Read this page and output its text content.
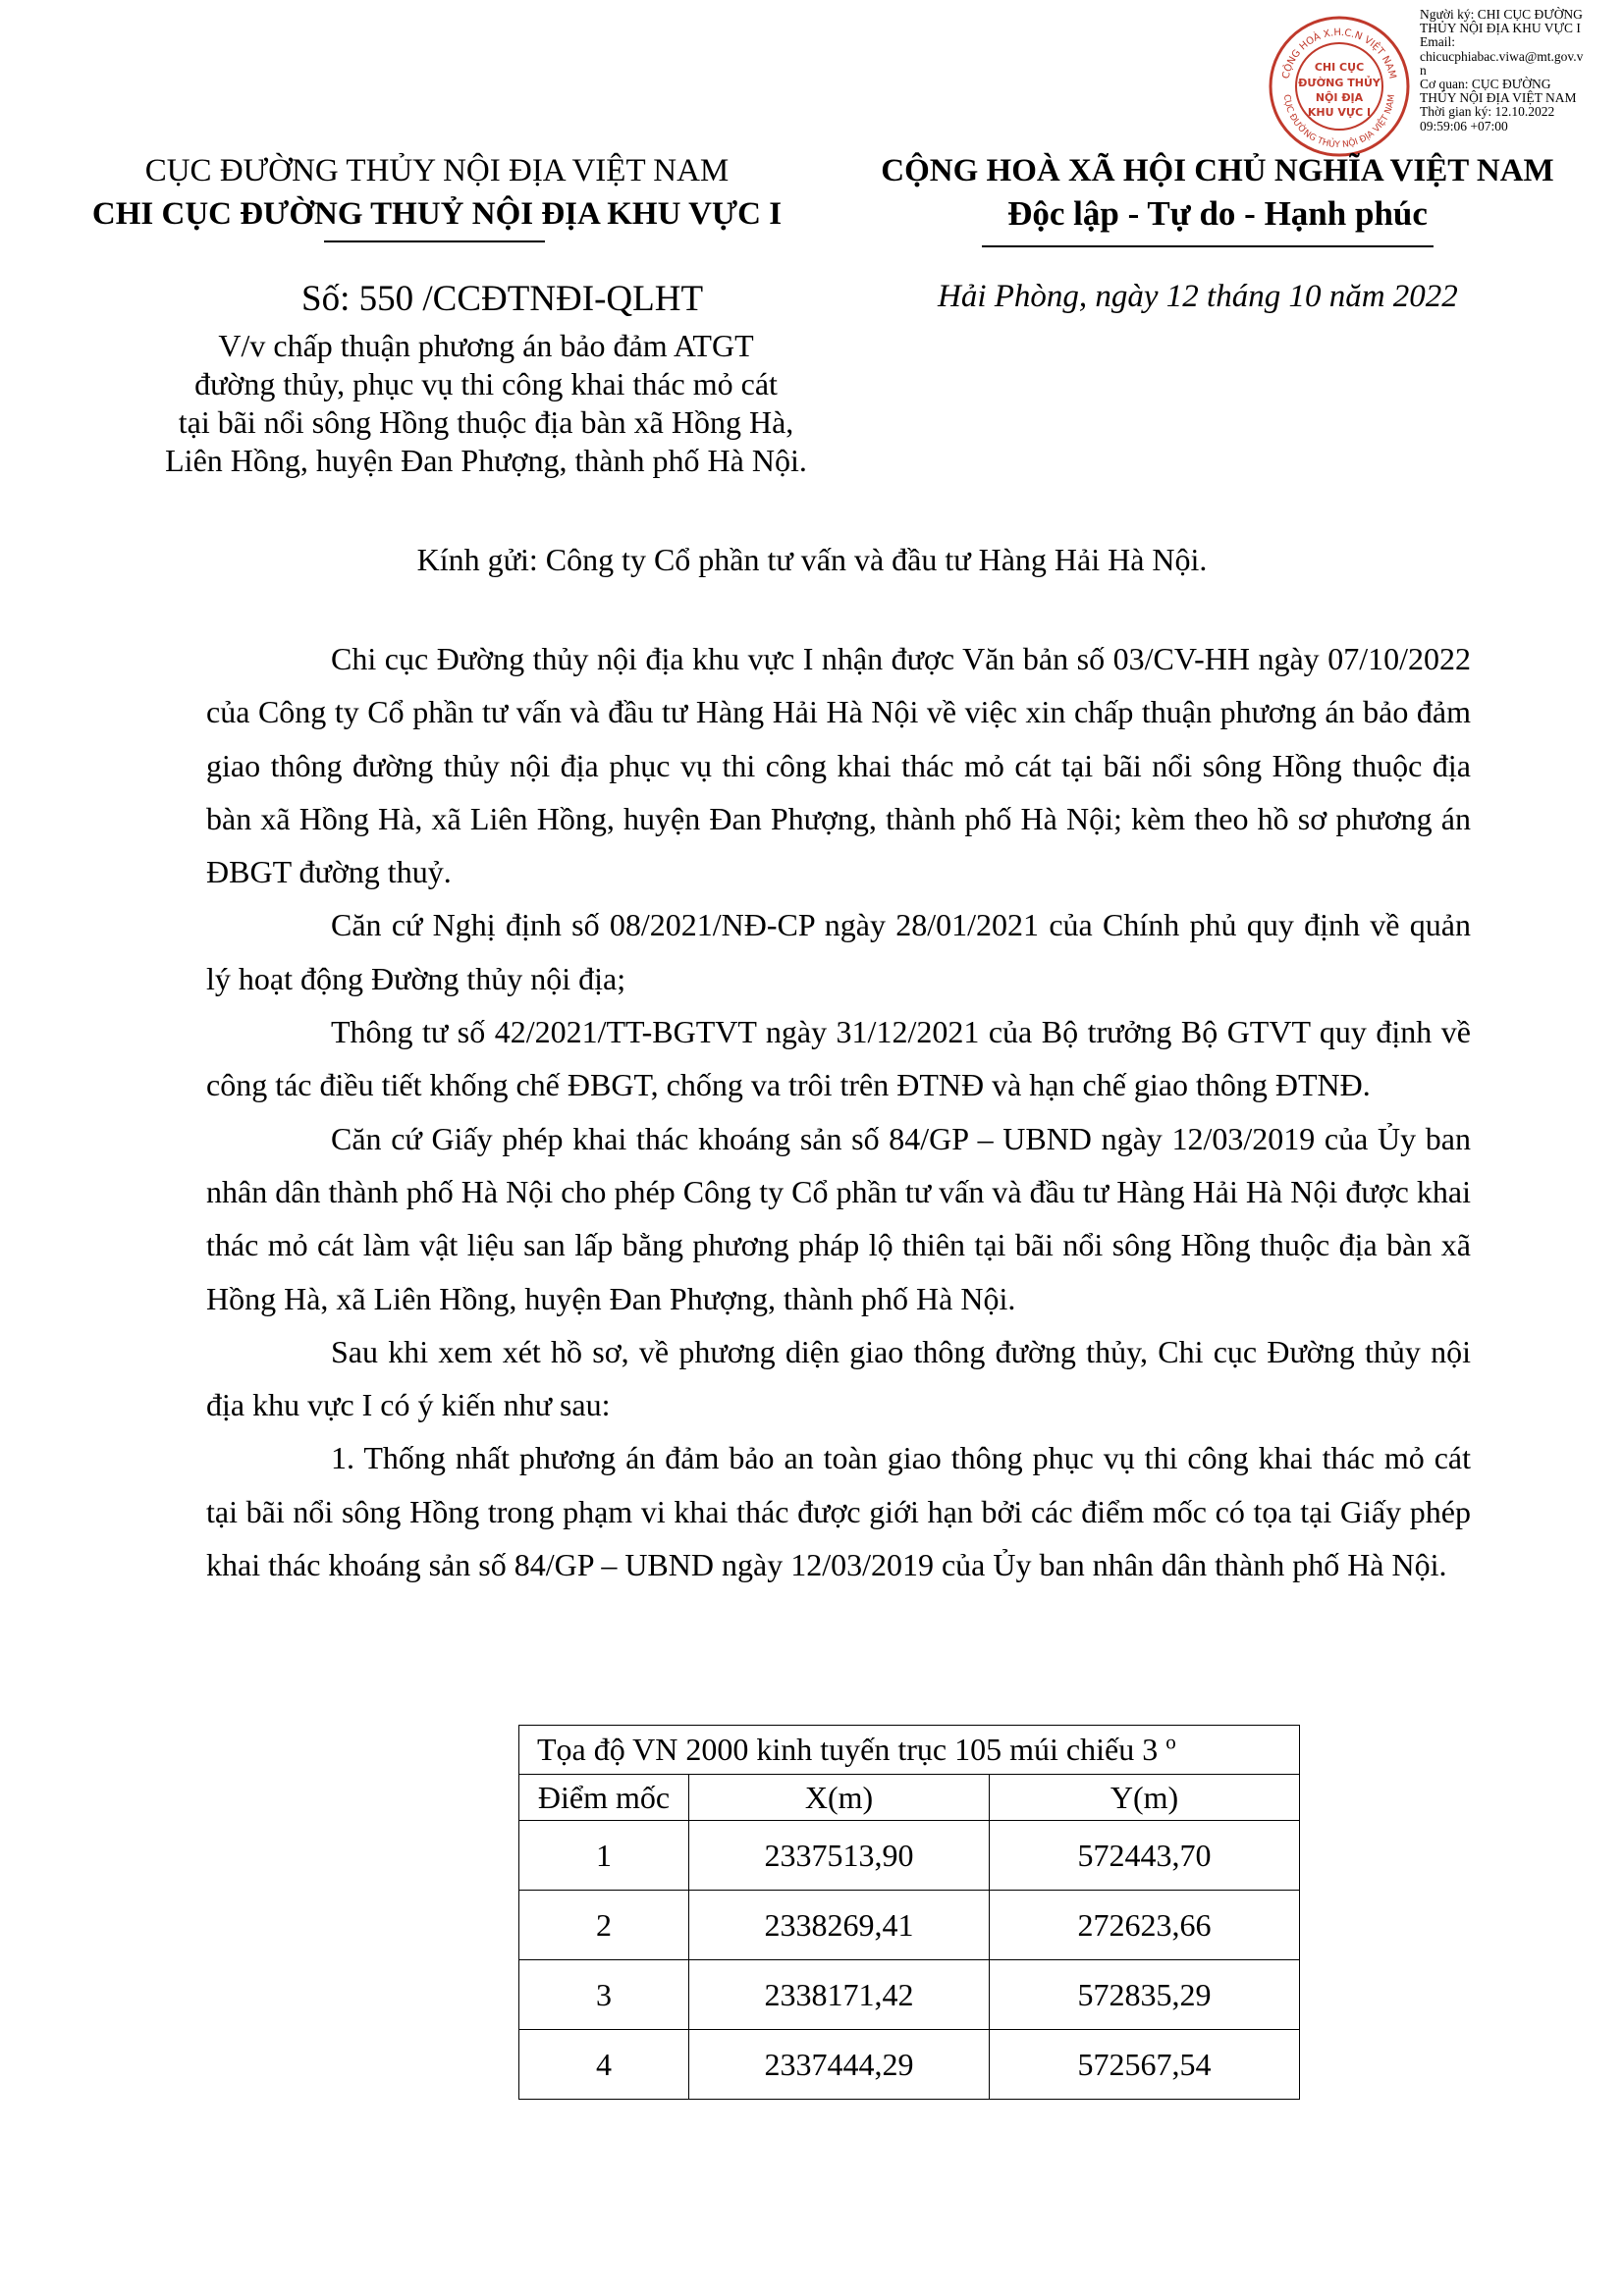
CỘNG HOÀ X.H.C.N VIỆT NAM
CỤC ĐƯỜNG THỦY NỘI ĐỊA VIỆT NAM
CHI CỤC
ĐƯỜNG THỦY
NỘI ĐỊA
KHU VỰC I
Người ký: CHI CỤC ĐƯỜNG
THỦY NỘI ĐỊA KHU VỰC I
Email:
chicucphiabac.viwa@mt.gov.v
n
Cơ quan: CỤC ĐƯỜNG
THỦY NỘI ĐỊA VIỆT NAM
Thời gian ký: 12.10.2022
09:59:06 +07:00
CỤC ĐƯỜNG THỦY NỘI ĐỊA VIỆT NAM
CHI CỤC ĐƯỜNG THUỶ NỘI ĐỊA KHU VỰC I
CỘNG HOÀ XÃ HỘI CHỦ NGHĨA VIỆT NAM
Độc lập - Tự do - Hạnh phúc
Số: 550 /CCĐTNĐI-QLHT	Hải Phòng, ngày 12 tháng 10 năm 2022
V/v chấp thuận phương án bảo đảm ATGT
đường thủy, phục vụ thi công khai thác mỏ cát
tại bãi nổi sông Hồng thuộc địa bàn xã Hồng Hà,
Liên Hồng, huyện Đan Phượng, thành phố Hà Nội.
Kính gửi: Công ty Cổ phần tư vấn và đầu tư Hàng Hải Hà Nội.

Chi cục Đường thủy nội địa khu vực I nhận được Văn bản số 03/CV-HH ngày 07/10/2022 của Công ty Cổ phần tư vấn và đầu tư Hàng Hải Hà Nội về việc xin chấp thuận phương án bảo đảm giao thông đường thủy nội địa phục vụ thi công khai thác mỏ cát tại bãi nổi sông Hồng thuộc địa bàn xã Hồng Hà, xã Liên Hồng, huyện Đan Phượng, thành phố Hà Nội; kèm theo hồ sơ phương án ĐBGT đường thuỷ.

Căn cứ Nghị định số 08/2021/NĐ-CP ngày 28/01/2021 của Chính phủ quy định về quản lý hoạt động Đường thủy nội địa;

Thông tư số 42/2021/TT-BGTVT ngày 31/12/2021 của Bộ trưởng Bộ GTVT quy định về công tác điều tiết khống chế ĐBGT, chống va trôi trên ĐTNĐ và hạn chế giao thông ĐTNĐ.

Căn cứ Giấy phép khai thác khoáng sản số 84/GP – UBND ngày 12/03/2019 của Ủy ban nhân dân thành phố Hà Nội cho phép Công ty Cổ phần tư vấn và đầu tư Hàng Hải Hà Nội được khai thác mỏ cát làm vật liệu san lấp bằng phương pháp lộ thiên tại bãi nổi sông Hồng thuộc địa bàn xã Hồng Hà, xã Liên Hồng, huyện Đan Phượng, thành phố Hà Nội.

Sau khi xem xét hồ sơ, về phương diện giao thông đường thủy, Chi cục Đường thủy nội địa khu vực I có ý kiến như sau:

1. Thống nhất phương án đảm bảo an toàn giao thông phục vụ thi công khai thác mỏ cát tại bãi nổi sông Hồng trong phạm vi khai thác được giới hạn bởi các điểm mốc có tọa tại Giấy phép khai thác khoáng sản số 84/GP – UBND ngày 12/03/2019 của Ủy ban nhân dân thành phố Hà Nội.

Tọa độ VN 2000 kinh tuyến trục 105 múi chiếu 3 $^o$
Điểm mốc	X(m)	Y(m)
1	2337513,90	572443,70
2	2338269,41	272623,66
3	2338171,42	572835,29
4	2337444,29	572567,54
